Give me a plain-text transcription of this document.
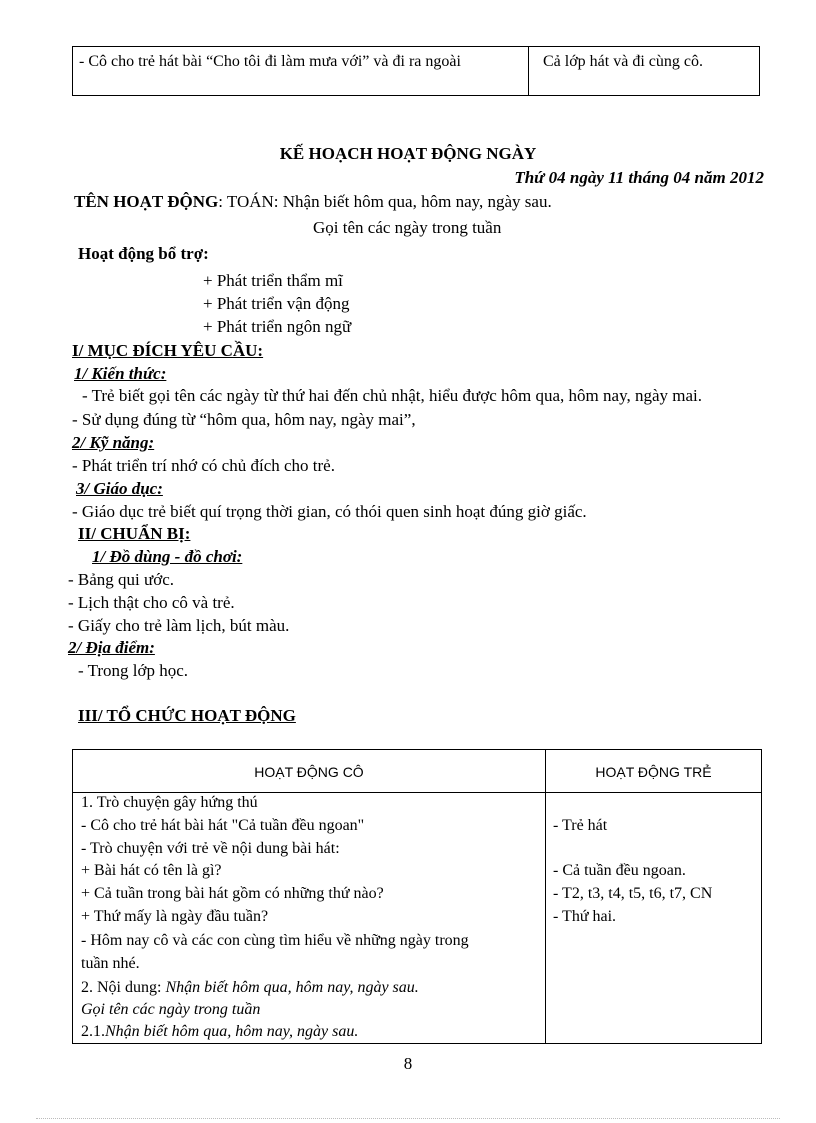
- Cô cho trẻ hát bài “Cho tôi đi làm mưa với” và đi ra ngoài	Cả lớp hát và đi cùng cô.
KẾ HOẠCH HOẠT ĐỘNG NGÀY
Thứ 04 ngày 11 tháng 04 năm 2012
TÊN HOẠT ĐỘNG: TOÁN: Nhận biết hôm qua, hôm nay, ngày sau.
Gọi tên các ngày trong tuần
Hoạt động bổ trợ:
+ Phát triển thẩm mĩ
+ Phát triển vận động
+ Phát triển ngôn ngữ
I/ MỤC ĐÍCH YÊU CẦU:
1/ Kiến thức:
- Trẻ biết gọi tên các ngày từ thứ hai đến chủ nhật, hiểu được hôm qua, hôm nay, ngày mai.
- Sử dụng đúng từ “hôm qua, hôm nay, ngày mai”,
2/ Kỹ năng:
- Phát triển trí nhớ có chủ đích cho trẻ.
3/ Giáo dục:
- Giáo dục trẻ biết quí trọng thời gian, có thói quen sinh hoạt đúng giờ giấc.
II/ CHUẨN BỊ:
1/ Đồ dùng - đồ chơi:
- Bảng qui ước.
- Lịch thật cho cô và trẻ.
- Giấy cho trẻ làm lịch, bút màu.
2/ Địa điểm:
- Trong lớp học.
III/ TỔ CHỨC HOẠT ĐỘNG
HOẠT ĐỘNG CÔ	HOẠT ĐỘNG TRẺ
1. Trò chuyện gây hứng thú
- Cô cho trẻ hát bài hát "Cả tuần đều ngoan"
- Trò chuyện với trẻ về nội dung bài hát:
+ Bài hát có tên là gì?
+ Cả tuần trong bài hát gồm có những thứ nào?
+ Thứ mấy là ngày đầu tuần?
- Hôm nay cô và các con cùng tìm hiểu về những ngày trong
tuần nhé.
2. Nội dung: Nhận biết hôm qua, hôm nay, ngày sau.
Gọi tên các ngày trong tuần
2.1.Nhận biết hôm qua, hôm nay, ngày sau.
- Trẻ hát
- Cả tuần đều ngoan.
- T2, t3, t4, t5, t6, t7, CN
- Thứ hai.
8
